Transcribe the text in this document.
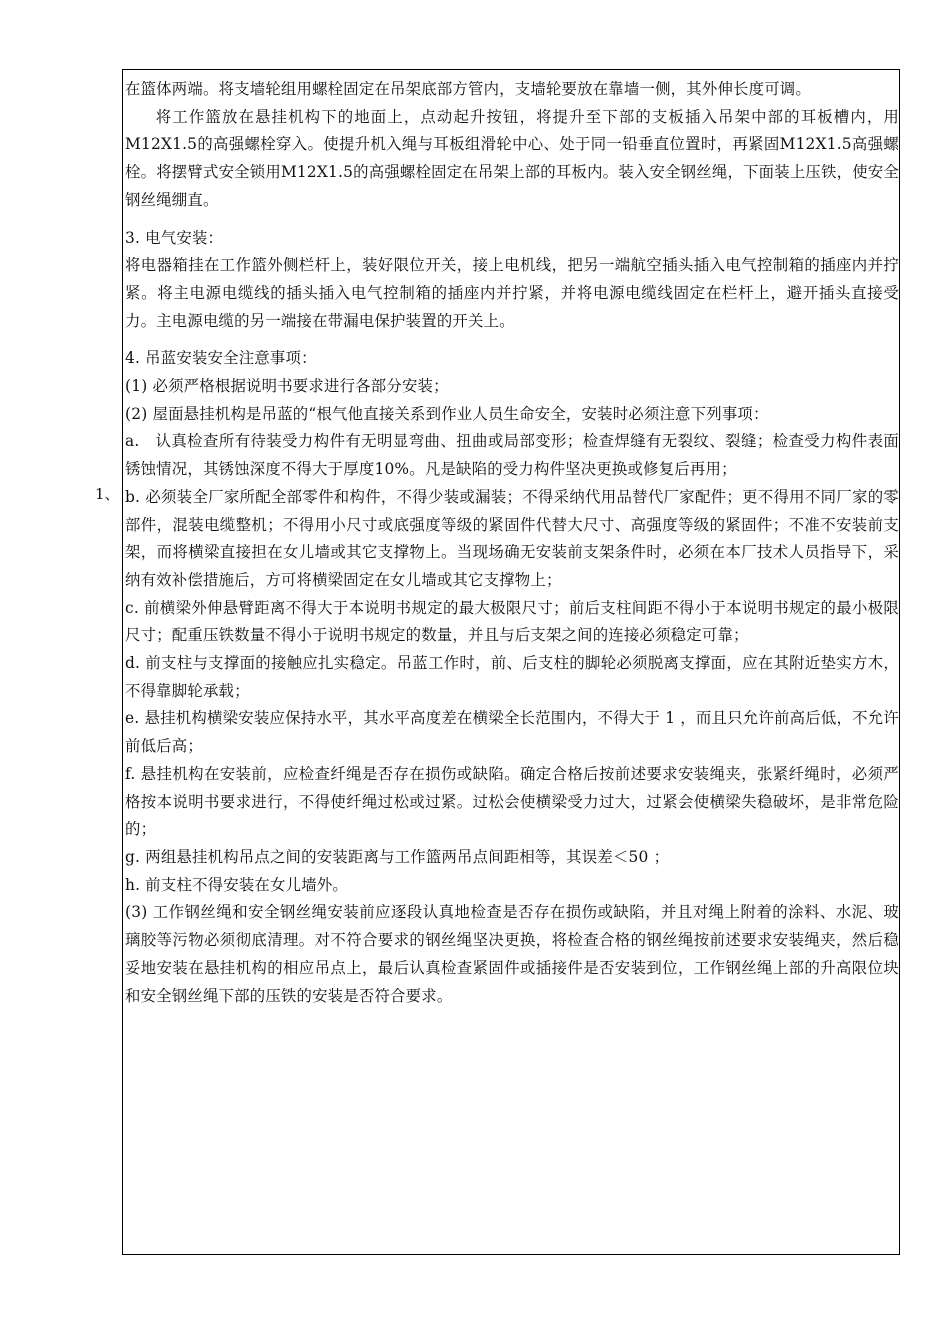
1、

在篮体两端。将支墙轮组用螺栓固定在吊架底部方管内，支墙轮要放在靠墙一侧，其外伸长度可调。

将工作篮放在悬挂机构下的地面上，点动起升按钮，将提升至下部的支板插入吊架中部的耳板槽内，用M12X1.5的高强螺栓穿入。使提升机入绳与耳板组滑轮中心、处于同一铅垂直位置时，再紧固M12X1.5高强螺栓。将摆臂式安全锁用M12X1.5的高强螺栓固定在吊架上部的耳板内。装入安全钢丝绳，下面装上压铁，使安全钢丝绳绷直。

3. 电气安装：

将电器箱挂在工作篮外侧栏杆上，装好限位开关，接上电机线，把另一端航空插头插入电气控制箱的插座内并拧紧。将主电源电缆线的插头插入电气控制箱的插座内并拧紧，并将电源电缆线固定在栏杆上，避开插头直接受力。主电源电缆的另一端接在带漏电保护装置的开关上。

4. 吊蓝安装安全注意事项：

(1) 必须严格根据说明书要求进行各部分安装；

(2) 屋面悬挂机构是吊蓝的“根气他直接关系到作业人员生命安全，安装时必须注意下列事项：

a.　认真检查所有待装受力构件有无明显弯曲、扭曲或局部变形；检查焊缝有无裂纹、裂缝；检查受力构件表面锈蚀情况，其锈蚀深度不得大于厚度10%。凡是缺陷的受力构件坚决更换或修复后再用；

b. 必须装全厂家所配全部零件和构件，不得少装或漏装；不得采纳代用品替代厂家配件；更不得用不同厂家的零部件，混装电缆整机；不得用小尺寸或底强度等级的紧固件代替大尺寸、高强度等级的紧固件；不准不安装前支架，而将横梁直接担在女儿墙或其它支撑物上。当现场确无安装前支架条件时，必须在本厂技术人员指导下，采纳有效补偿措施后，方可将横梁固定在女儿墙或其它支撑物上；

c. 前横梁外伸悬臂距离不得大于本说明书规定的最大极限尺寸；前后支柱间距不得小于本说明书规定的最小极限尺寸；配重压铁数量不得小于说明书规定的数量，并且与后支架之间的连接必须稳定可靠；

d. 前支柱与支撑面的接触应扎实稳定。吊蓝工作时，前、后支柱的脚轮必须脱离支撑面，应在其附近垫实方木，不得靠脚轮承载；

e. 悬挂机构横梁安装应保持水平，其水平高度差在横梁全长范围内，不得大于 1 ，而且只允许前高后低，不允许前低后高；

f. 悬挂机构在安装前，应检查纤绳是否存在损伤或缺陷。确定合格后按前述要求安装绳夹，张紧纤绳时，必须严格按本说明书要求进行，不得使纤绳过松或过紧。过松会使横梁受力过大，过紧会使横梁失稳破坏，是非常危险的；

g. 两组悬挂机构吊点之间的安装距离与工作篮两吊点间距相等，其误差＜50 ；

h. 前支柱不得安装在女儿墙外。

(3) 工作钢丝绳和安全钢丝绳安装前应逐段认真地检查是否存在损伤或缺陷，并且对绳上附着的涂料、水泥、玻璃胶等污物必须彻底清理。对不符合要求的钢丝绳坚决更换，将检查合格的钢丝绳按前述要求安装绳夹，然后稳妥地安装在悬挂机构的相应吊点上，最后认真检查紧固件或插接件是否安装到位，工作钢丝绳上部的升高限位块和安全钢丝绳下部的压铁的安装是否符合要求。
